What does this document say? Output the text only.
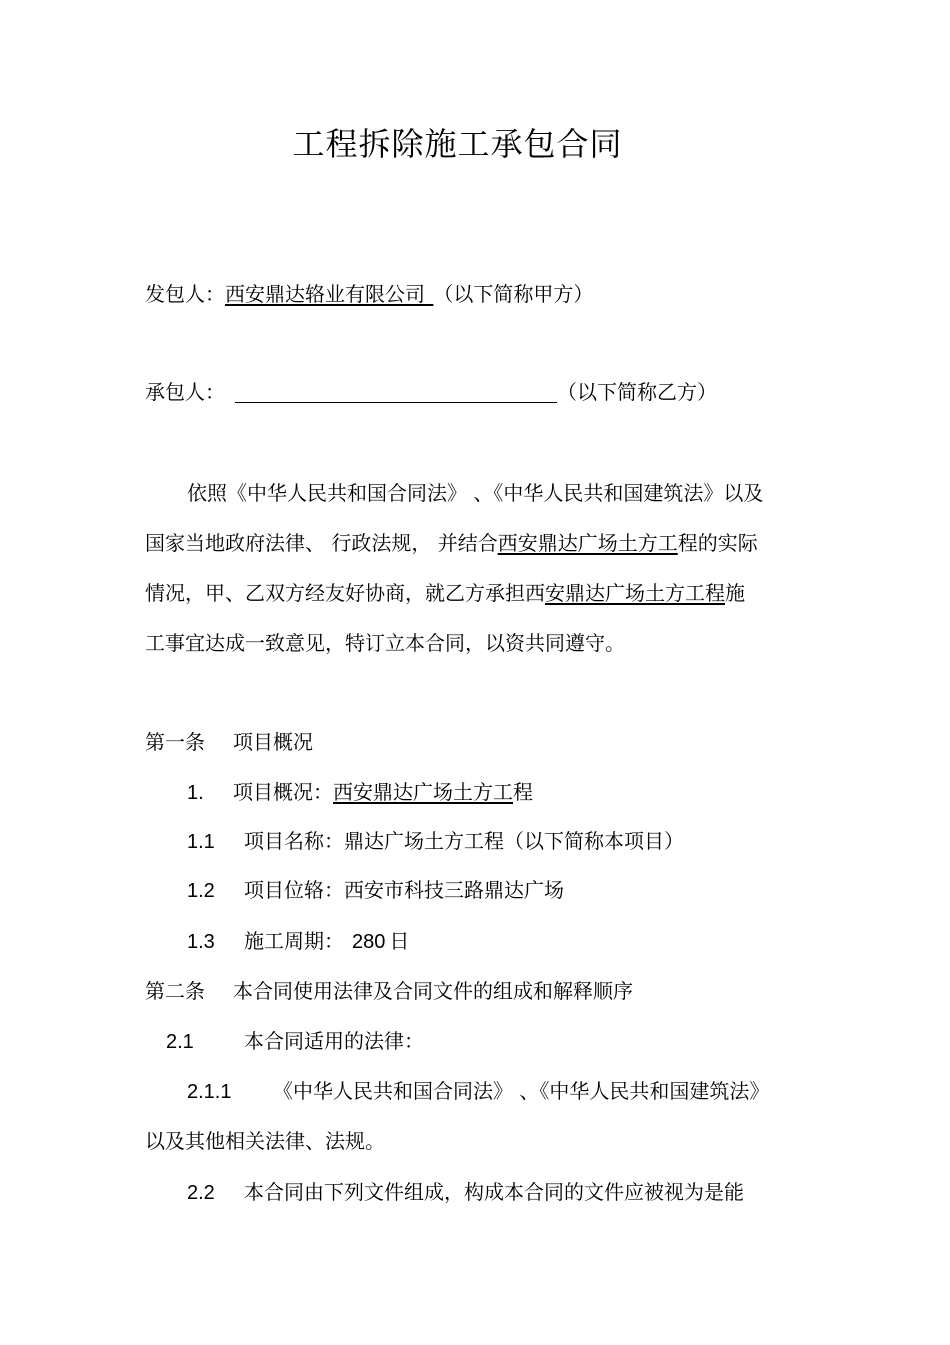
工程拆除施工承包合同
发包人：西安鼎达辂业有限公司 （以下简称甲方）
承包人：	（以下简称乙方）
依照《中华人民共和国合同法》 、《中华人民共和国建筑法》以及
国家当地政府法律、 行政法规， 并结合西安鼎达广场土方工程的实际
情况，甲、乙双方经友好协商，就乙方承担西安鼎达广场土方工程施
工事宜达成一致意见，特订立本合同，以资共同遵守。
第一条 项目概况
1. 项目概况：西安鼎达广场土方工程
1.1 项目名称：鼎达广场土方工程（以下简称本项目）
1.2 项目位辂：西安市科技三路鼎达广场
1.3 施工周期： 280 日
第二条 本合同使用法律及合同文件的组成和解释顺序
2.1	本合同适用的法律：
2.1.1 《中华人民共和国合同法》 、《中华人民共和国建筑法》
以及其他相关法律、法规。
2.2 本合同由下列文件组成，构成本合同的文件应被视为是能
